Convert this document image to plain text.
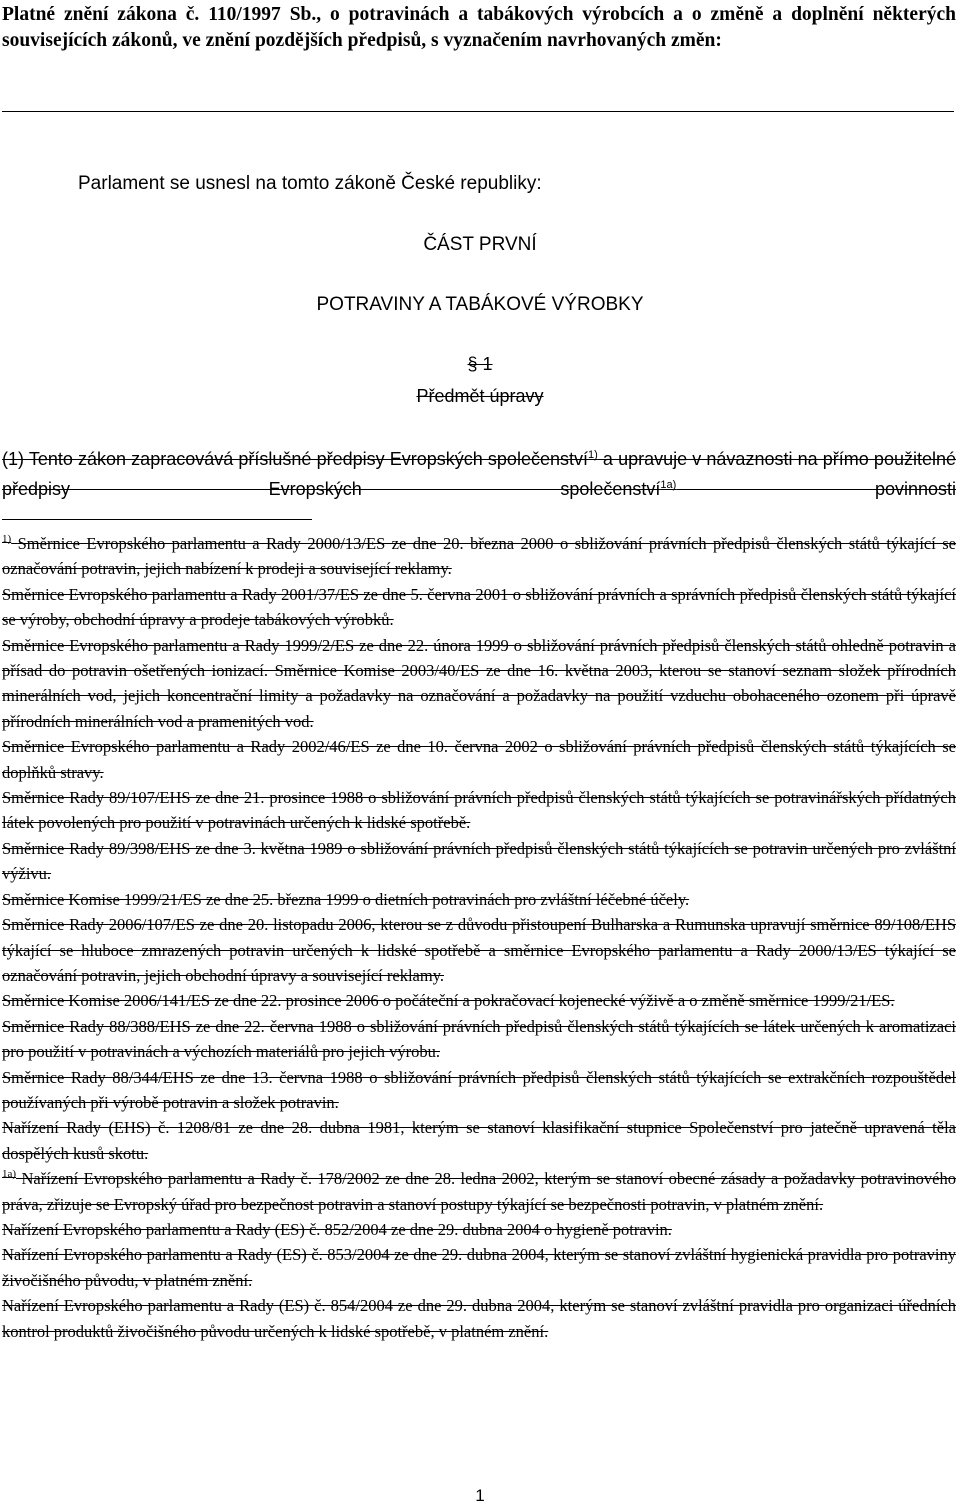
Platné znění zákona č. 110/1997 Sb., o potravinách a tabákových výrobcích a o změně a doplnění některých souvisejících zákonů, ve znění pozdějších předpisů, s vyznačením navrhovaných změn:
Parlament se usnesl na tomto zákoně České republiky:
ČÁST PRVNÍ
POTRAVINY A TABÁKOVÉ VÝROBKY
§ 1
Předmět úpravy
(1) Tento zákon zapracovává příslušné předpisy Evropských společenství$^{1)}$ a upravuje v návaznosti na přímo použitelné předpisy Evropských společenství$^{1a)}$ povinnosti

$^{1)}$ Směrnice Evropského parlamentu a Rady 2000/13/ES ze dne 20. března 2000 o sbližování právních předpisů členských států týkající se označování potravin, jejich nabízení k prodeji a související reklamy.

Směrnice Evropského parlamentu a Rady 2001/37/ES ze dne 5. června 2001 o sbližování právních a správních předpisů členských států týkající se výroby, obchodní úpravy a prodeje tabákových výrobků.

Směrnice Evropského parlamentu a Rady 1999/2/ES ze dne 22. února 1999 o sbližování právních předpisů členských států ohledně potravin a přísad do potravin ošetřených ionizací. Směrnice Komise 2003/40/ES ze dne 16. května 2003, kterou se stanoví seznam složek přírodních minerálních vod, jejich koncentrační limity a požadavky na označování a požadavky na použití vzduchu obohaceného ozonem při úpravě přírodních minerálních vod a pramenitých vod.

Směrnice Evropského parlamentu a Rady 2002/46/ES ze dne 10. června 2002 o sbližování právních předpisů členských států týkajících se doplňků stravy.

Směrnice Rady 89/107/EHS ze dne 21. prosince 1988 o sbližování právních předpisů členských států týkajících se potravinářských přídatných látek povolených pro použití v potravinách určených k lidské spotřebě.

Směrnice Rady 89/398/EHS ze dne 3. května 1989 o sbližování právních předpisů členských států týkajících se potravin určených pro zvláštní výživu.

Směrnice Komise 1999/21/ES ze dne 25. března 1999 o dietních potravinách pro zvláštní léčebné účely.

Směrnice Rady 2006/107/ES ze dne 20. listopadu 2006, kterou se z důvodu přistoupení Bulharska a Rumunska upravují směrnice 89/108/EHS týkající se hluboce zmrazených potravin určených k lidské spotřebě a směrnice Evropského parlamentu a Rady 2000/13/ES týkající se označování potravin, jejich obchodní úpravy a související reklamy.

Směrnice Komise 2006/141/ES ze dne 22. prosince 2006 o počáteční a pokračovací kojenecké výživě a o změně směrnice 1999/21/ES.

Směrnice Rady 88/388/EHS ze dne 22. června 1988 o sbližování právních předpisů členských států týkajících se látek určených k aromatizaci pro použití v potravinách a výchozích materiálů pro jejich výrobu.

Směrnice Rady 88/344/EHS ze dne 13. června 1988 o sbližování právních předpisů členských států týkajících se extrakčních rozpouštědel používaných při výrobě potravin a složek potravin.

Nařízení Rady (EHS) č. 1208/81 ze dne 28. dubna 1981, kterým se stanoví klasifikační stupnice Společenství pro jatečně upravená těla dospělých kusů skotu.

$^{1a)}$ Nařízení Evropského parlamentu a Rady č. 178/2002 ze dne 28. ledna 2002, kterým se stanoví obecné zásady a požadavky potravinového práva, zřizuje se Evropský úřad pro bezpečnost potravin a stanoví postupy týkající se bezpečnosti potravin, v platném znění.

Nařízení Evropského parlamentu a Rady (ES) č. 852/2004 ze dne 29. dubna 2004 o hygieně potravin.

Nařízení Evropského parlamentu a Rady (ES) č. 853/2004 ze dne 29. dubna 2004, kterým se stanoví zvláštní hygienická pravidla pro potraviny živočišného původu, v platném znění.

Nařízení Evropského parlamentu a Rady (ES) č. 854/2004 ze dne 29. dubna 2004, kterým se stanoví zvláštní pravidla pro organizaci úředních kontrol produktů živočišného původu určených k lidské spotřebě, v platném znění.

1
